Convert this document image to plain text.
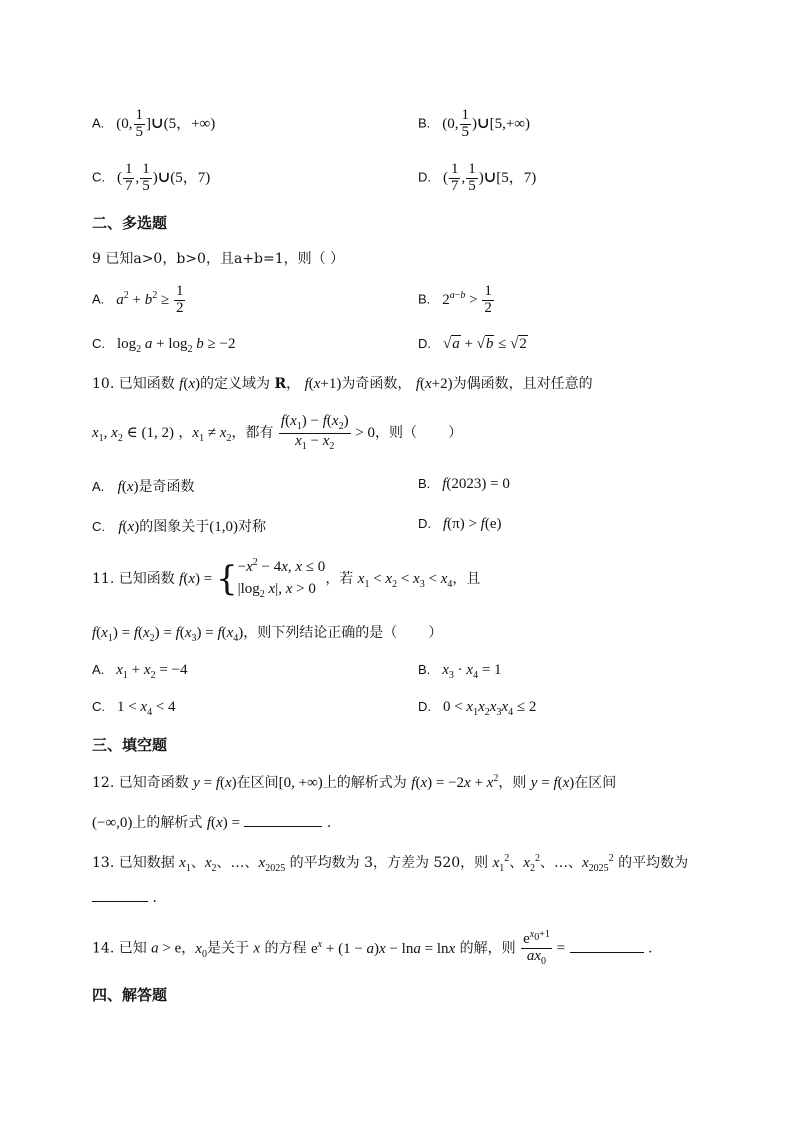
A.   (0, $\frac{1}{5}$ ]∪(5，+∞)	B.   (0, $\frac{1}{5}$ )∪[5,+∞)
C.   ( $\frac{1}{7}$ , $\frac{1}{5}$ )∪(5，7)	D.   ( $\frac{1}{7}$ , $\frac{1}{5}$ )∪[5，7)
二、多选题
9 已知a>0，b>0，且a+b=1，则（ ）
A. $a^2 + b^2 \ge \frac{1}{2}$	B.   $2^{a-b} > \frac{1}{2}$
C.   $\log_2 a + \log_2 b \ge -2$	D.   √a + √b ≤ √2
10. 已知函数 f(x)的定义域为 R， f(x+1)为奇函数， f(x+2)为偶函数，且对任意的
$x_1$, $x_2$ ∈ (1, 2) ，$x_1 \ne x_2$，都有 $\frac{f(x_1) - f(x_2)}{x_1 - x_2} > 0$，则（       ）
A. f(x)是奇函数	B. f(2023) = 0
C. f(x)的图象关于(1,0)对称	D. f(π) > f(e)
11. 已知函数 f(x) = { $-x^2 - 4x$, x ≤ 0
$|\log_2$ x|, x > 0
，若 $x_1 < x_2 < x_3 < x_4$，且
$f(x_1) = f(x_2) = f(x_3) = f(x_4)$，则下列结论正确的是（       ）
A. $x_1 + x_2 = -4$	B. $x_3 \cdot x_4 = 1$
C.   $1 < x_4 < 4$	D.   $0 < x_1x_2x_3x_4 \le 2$
三、填空题
12. 已知奇函数 y = f(x)在区间[0, +∞)上的解析式为 $f(x) = -2x + x^2$，则 y = f(x)在区间
(−∞,0)上的解析式 f(x) =	.
13. 已知数据 $x_1$、$x_2$、…、$x_{2025}$ 的平均数为 3，方差为 520，则 $x_1^2$、$x_2^2$、…、$x_{2025}^2$ 的平均数为
.
14. 已知 a > e，$x_0$是关于 x 的方程 $e^x + (1 - a)x - \ln a = \ln x$ 的解，则 $\frac{e^{x_0+1}}{ax_0}$ =	.
四、解答题
